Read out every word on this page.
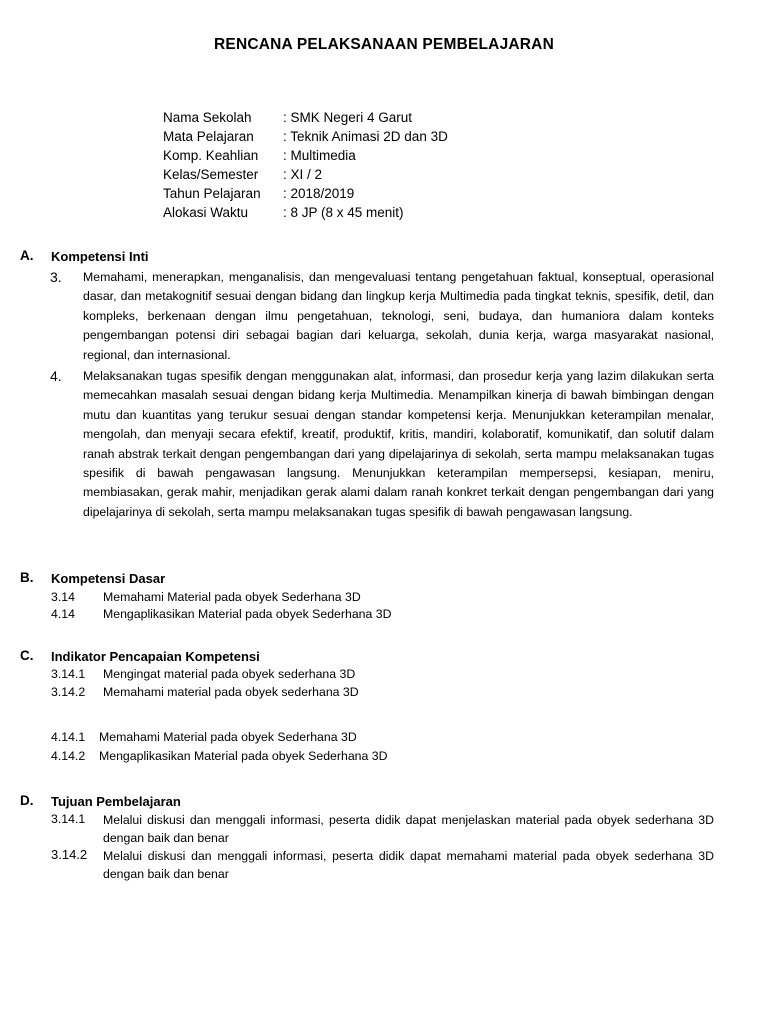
RENCANA PELAKSANAAN PEMBELAJARAN
Nama Sekolah : SMK Negeri 4 Garut
Mata Pelajaran : Teknik Animasi 2D dan 3D
Komp. Keahlian : Multimedia
Kelas/Semester : XI / 2
Tahun Pelajaran : 2018/2019
Alokasi Waktu	: 8 JP (8 x 45 menit)
A. Kompetensi Inti
3. Memahami, menerapkan, menganalisis, dan mengevaluasi tentang pengetahuan faktual, konseptual, operasional dasar, dan metakognitif sesuai dengan bidang dan lingkup kerja Multimedia pada tingkat teknis, spesifik, detil, dan kompleks, berkenaan dengan ilmu pengetahuan, teknologi, seni, budaya, dan humaniora dalam konteks pengembangan potensi diri sebagai bagian dari keluarga, sekolah, dunia kerja, warga masyarakat nasional, regional, dan internasional.

4. Melaksanakan tugas spesifik dengan menggunakan alat, informasi, dan prosedur kerja yang lazim dilakukan serta memecahkan masalah sesuai dengan bidang kerja Multimedia. Menampilkan kinerja di bawah bimbingan dengan mutu dan kuantitas yang terukur sesuai dengan standar kompetensi kerja. Menunjukkan keterampilan menalar, mengolah, dan menyaji secara efektif, kreatif, produktif, kritis, mandiri, kolaboratif, komunikatif, dan solutif dalam ranah abstrak terkait dengan pengembangan dari yang dipelajarinya di sekolah, serta mampu melaksanakan tugas spesifik di bawah pengawasan langsung. Menunjukkan keterampilan mempersepsi, kesiapan, meniru, membiasakan, gerak mahir, menjadikan gerak alami dalam ranah konkret terkait dengan pengembangan dari yang dipelajarinya di sekolah, serta mampu melaksanakan tugas spesifik di bawah pengawasan langsung.

B. Kompetensi Dasar
3.14 Memahami Material pada obyek Sederhana 3D
4.14 Mengaplikasikan Material pada obyek Sederhana 3D
C. Indikator Pencapaian Kompetensi
3.14.1 Mengingat material pada obyek sederhana 3D
3.14.2 Memahami material pada obyek sederhana 3D
4.14.1 Memahami Material pada obyek Sederhana 3D
4.14.2 Mengaplikasikan Material pada obyek Sederhana 3D
D. Tujuan Pembelajaran
3.14.1 Melalui diskusi dan menggali informasi, peserta didik dapat menjelaskan material pada obyek sederhana 3D dengan baik dan benar

3.14.2 Melalui diskusi dan menggali informasi, peserta didik dapat memahami material pada obyek sederhana 3D dengan baik dan benar
